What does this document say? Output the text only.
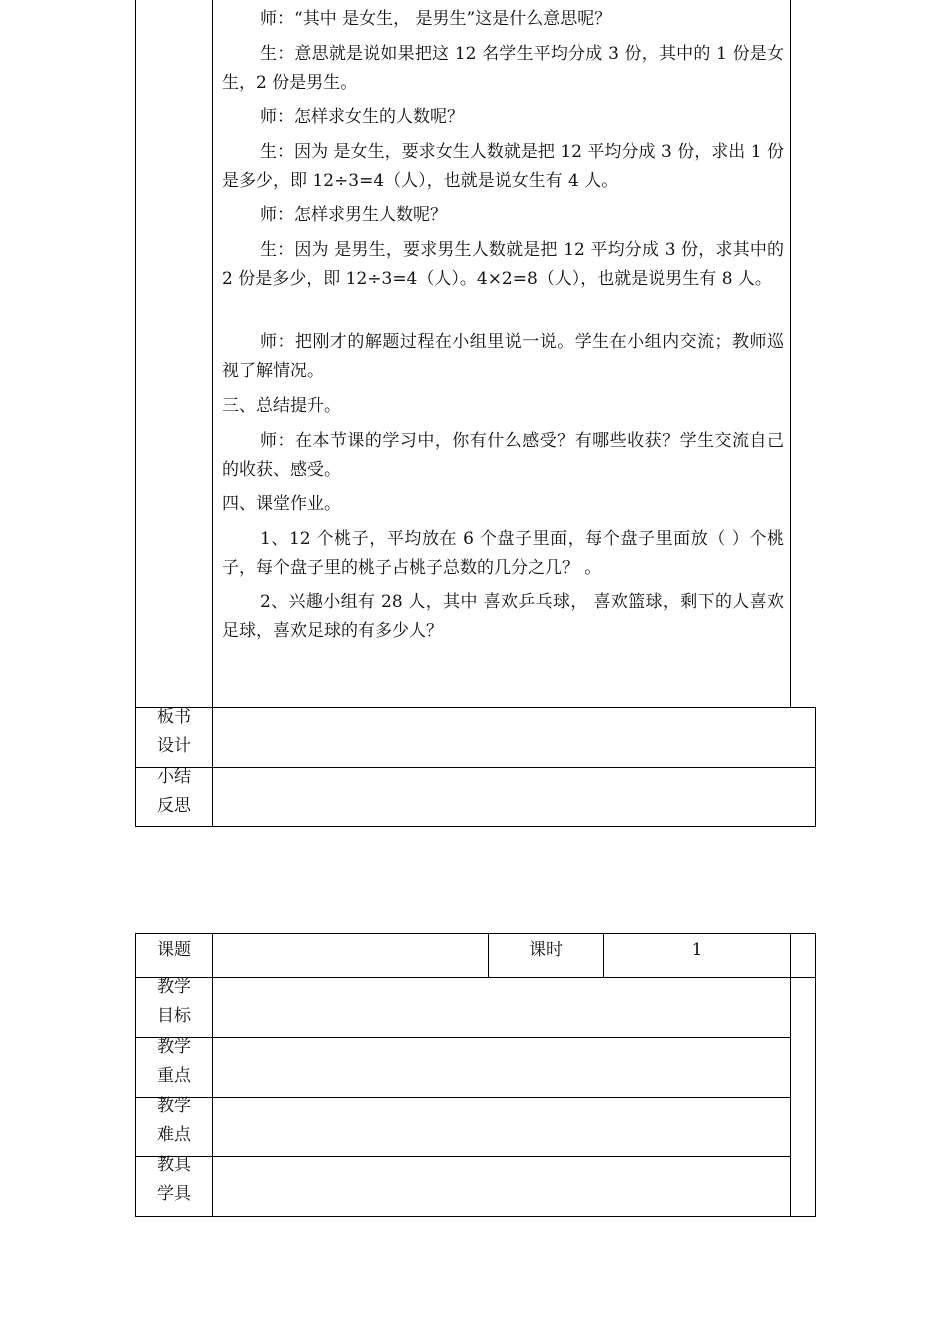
师：“其中 是女生， 是男生”这是什么意思呢？

生：意思就是说如果把这 12 名学生平均分成 3 份，其中的 1 份是女生，2 份是男生。

师：怎样求女生的人数呢？

生：因为 是女生，要求女生人数就是把 12 平均分成 3 份，求出 1 份是多少，即 12÷3=4（人），也就是说女生有 4 人。

师：怎样求男生人数呢？

生：因为 是男生，要求男生人数就是把 12 平均分成 3 份，求其中的 2 份是多少，即 12÷3=4（人）。4×2=8（人），也就是说男生有 8 人。

师：把刚才的解题过程在小组里说一说。学生在小组内交流；教师巡视了解情况。

三、总结提升。

师：在本节课的学习中，你有什么感受？有哪些收获？学生交流自己的收获、感受。

四、课堂作业。

1、12 个桃子，平均放在 6 个盘子里面，每个盘子里面放（ ）个桃子，每个盘子里的桃子占桃子总数的几分之几？ 。

2、兴趣小组有 28 人，其中 喜欢乒乓球， 喜欢篮球，剩下的人喜欢足球，喜欢足球的有多少人？

板书
设计
小结
反思
课题	课时	1
教学
目标
教学
重点
教学
难点
教具
学具
